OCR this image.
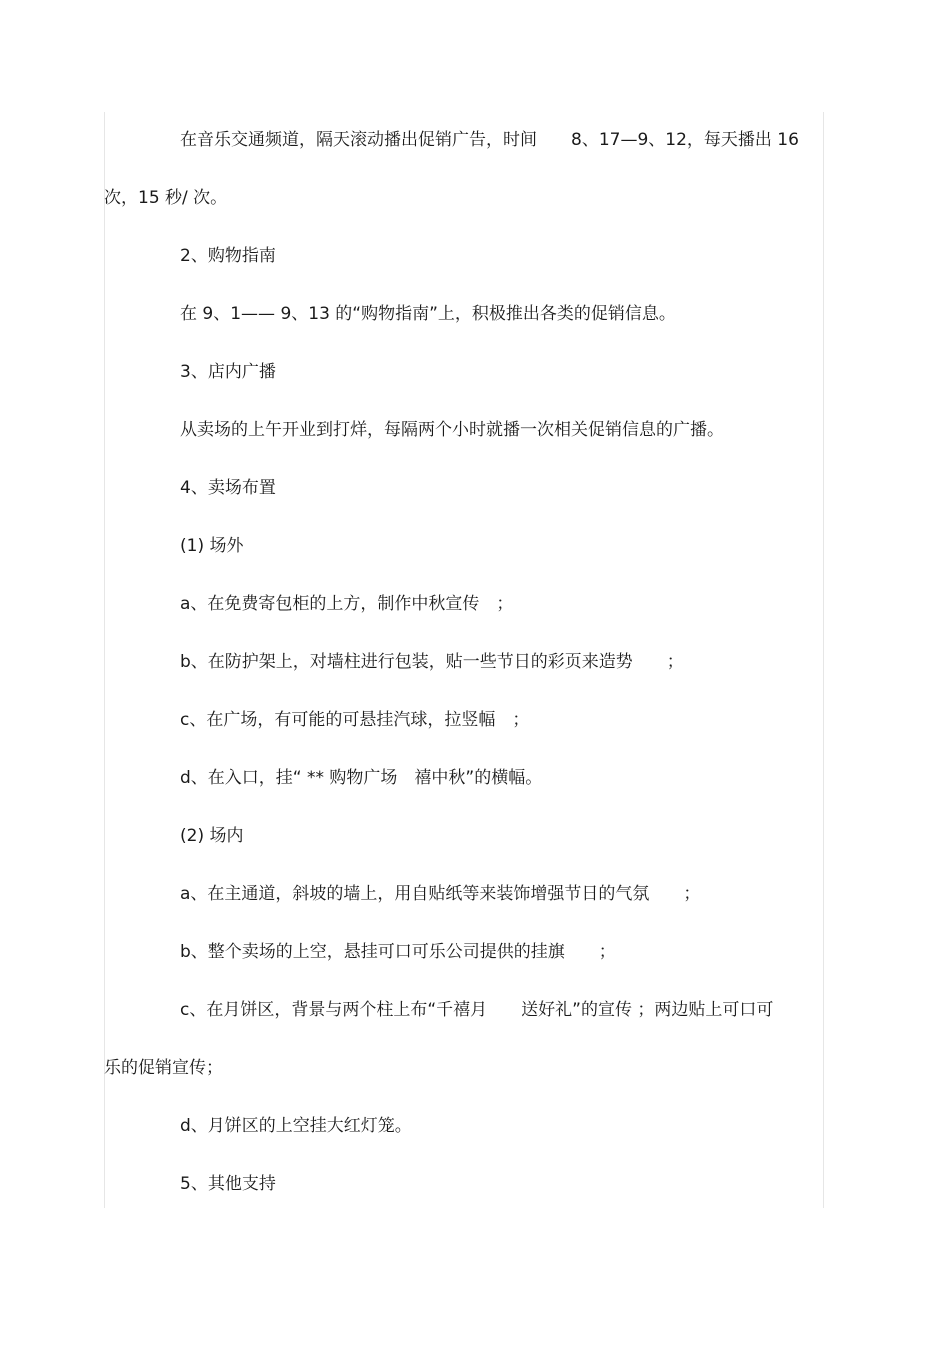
在音乐交通频道，隔天滚动播出促销广告，时间　　8、17—9、12，每天播出 16
次，15 秒/ 次。
2、购物指南
在 9、1—— 9、13 的“购物指南”上，积极推出各类的促销信息。
3、店内广播
从卖场的上午开业到打烊，每隔两个小时就播一次相关促销信息的广播。
4、卖场布置
(1) 场外
a、在免费寄包柜的上方，制作中秋宣传　；
b、在防护架上，对墙柱进行包装，贴一些节日的彩页来造势　　；
c、在广场，有可能的可悬挂汽球，拉竖幅　；
d、在入口，挂“ ** 购物广场　禧中秋”的横幅。
(2) 场内
a、在主通道，斜坡的墙上，用自贴纸等来装饰增强节日的气氛　　；
b、整个卖场的上空，悬挂可口可乐公司提供的挂旗　　；
c、在月饼区，背景与两个柱上布“千禧月　　送好礼”的宣传 ；两边贴上可口可
乐的促销宣传；
d、月饼区的上空挂大红灯笼。
5、其他支持
